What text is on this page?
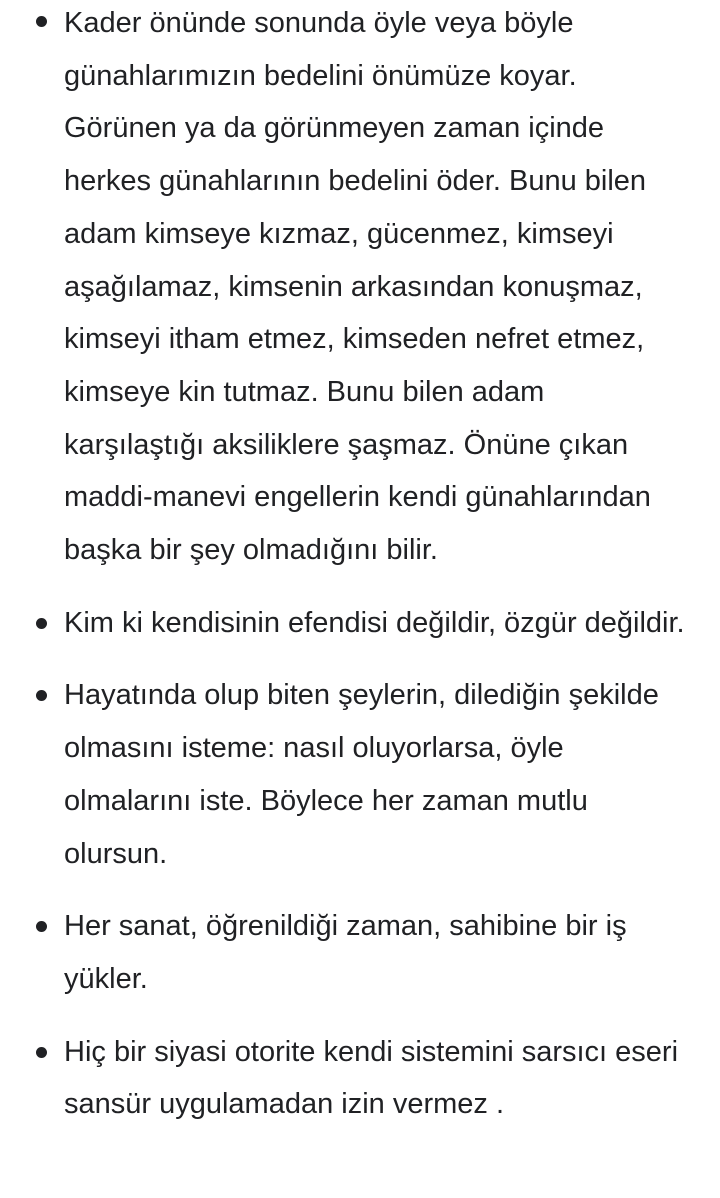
Kader önünde sonunda öyle veya böyle günahlarımızın bedelini önümüze koyar. Görünen ya da görünmeyen zaman içinde herkes günahlarının bedelini öder. Bunu bilen adam kimseye kızmaz, gücenmez, kimseyi aşağılamaz, kimsenin arkasından konuşmaz, kimseyi itham etmez, kimseden nefret etmez, kimseye kin tutmaz. Bunu bilen adam karşılaştığı aksiliklere şaşmaz. Önüne çıkan maddi-manevi engellerin kendi günahlarından başka bir şey olmadığını bilir.
Kim ki kendisinin efendisi değildir, özgür değildir.
Hayatında olup biten şeylerin, dilediğin şekilde olmasını isteme: nasıl oluyorlarsa, öyle olmalarını iste. Böylece her zaman mutlu olursun.
Her sanat, öğrenildiği zaman, sahibine bir iş yükler.
Hiç bir siyasi otorite kendi sistemini sarsıcı eseri sansür uygulamadan izin vermez .
